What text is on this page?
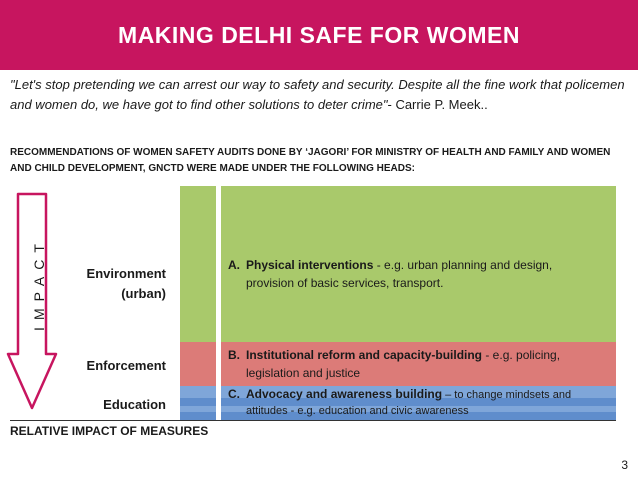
MAKING DELHI SAFE FOR WOMEN
"Let's stop pretending we can arrest our way to safety and security. Despite all the fine work that policemen and women do, we have got to find other solutions to deter crime"- Carrie P. Meek..
RECOMMENDATIONS OF WOMEN SAFETY AUDITS DONE BY ‘JAGORI’ FOR MINISTRY OF HEALTH AND FAMILY AND WOMEN AND CHILD DEVELOPMENT, GNCTD WERE MADE UNDER THE FOLLOWING HEADS:
IMPACT	Environment
(urban)
Enforcement
Education
A. Physical interventions - e.g. urban planning and design, provision of basic services, transport.
B. Institutional reform and capacity-building - e.g. policing, legislation and justice
C. Advocacy and awareness building – to change mindsets and attitudes - e.g. education and civic awareness
RELATIVE IMPACT OF MEASURES
3
